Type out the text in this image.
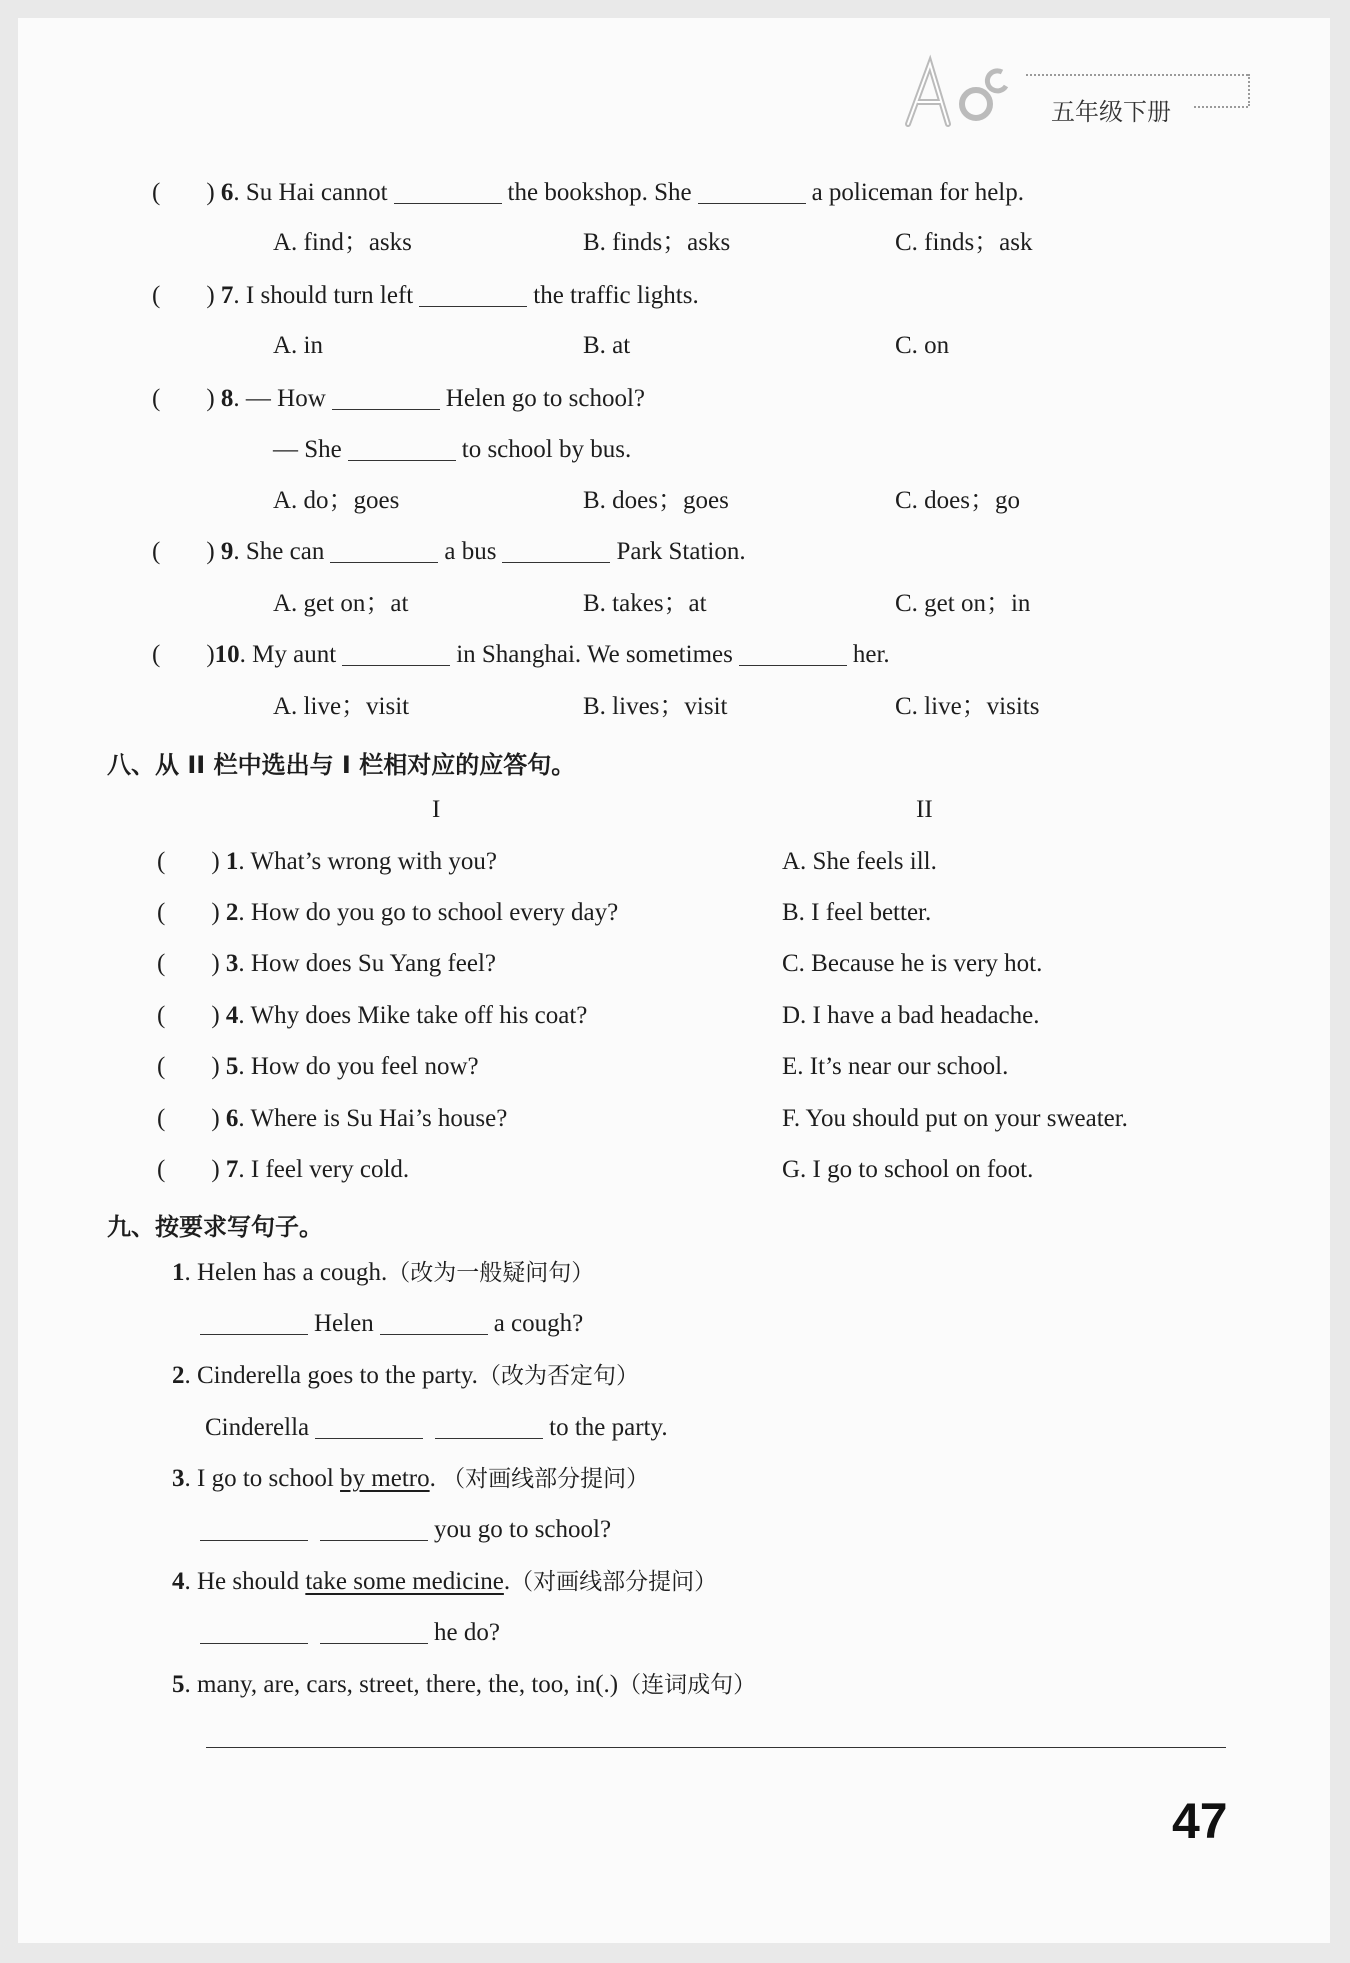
五年级下册
( ) 6. Su Hai cannot	the bookshop. She	a policeman for help.
A. find；asks	B. finds；asks	C. finds；ask
( ) 7. I should turn left	the traffic lights.
A. in	B. at	C. on
( ) 8. — How	Helen go to school?
— She	to school by bus.
A. do；goes	B. does；goes	C. does；go
( ) 9. She can	a bus	Park Station.
A. get on；at	B. takes；at	C. get on；in
( )10. My aunt	in Shanghai. We sometimes	her.
A. live；visit	B. lives；visit	C. live；visits
八、从 II 栏中选出与 I 栏相对应的应答句。
I	II
( ) 1. What’s wrong with you?	A. She feels ill.
( ) 2. How do you go to school every day?	B. I feel better.
( ) 3. How does Su Yang feel?	C. Because he is very hot.
( ) 4. Why does Mike take off his coat?	D. I have a bad headache.
( ) 5. How do you feel now?	E. It’s near our school.
( ) 6. Where is Su Hai’s house?	F. You should put on your sweater.
( ) 7. I feel very cold.	G. I go to school on foot.
九、按要求写句子。
1. Helen has a cough.（改为一般疑问句）
Helen	a cough?
2. Cinderella goes to the party.（改为否定句）
Cinderella	to the party.
3. I go to school by metro. （对画线部分提问）
you go to school?
4. He should take some medicine.（对画线部分提问）
he do?
5. many, are, cars, street, there, the, too, in(.)（连词成句）
47
